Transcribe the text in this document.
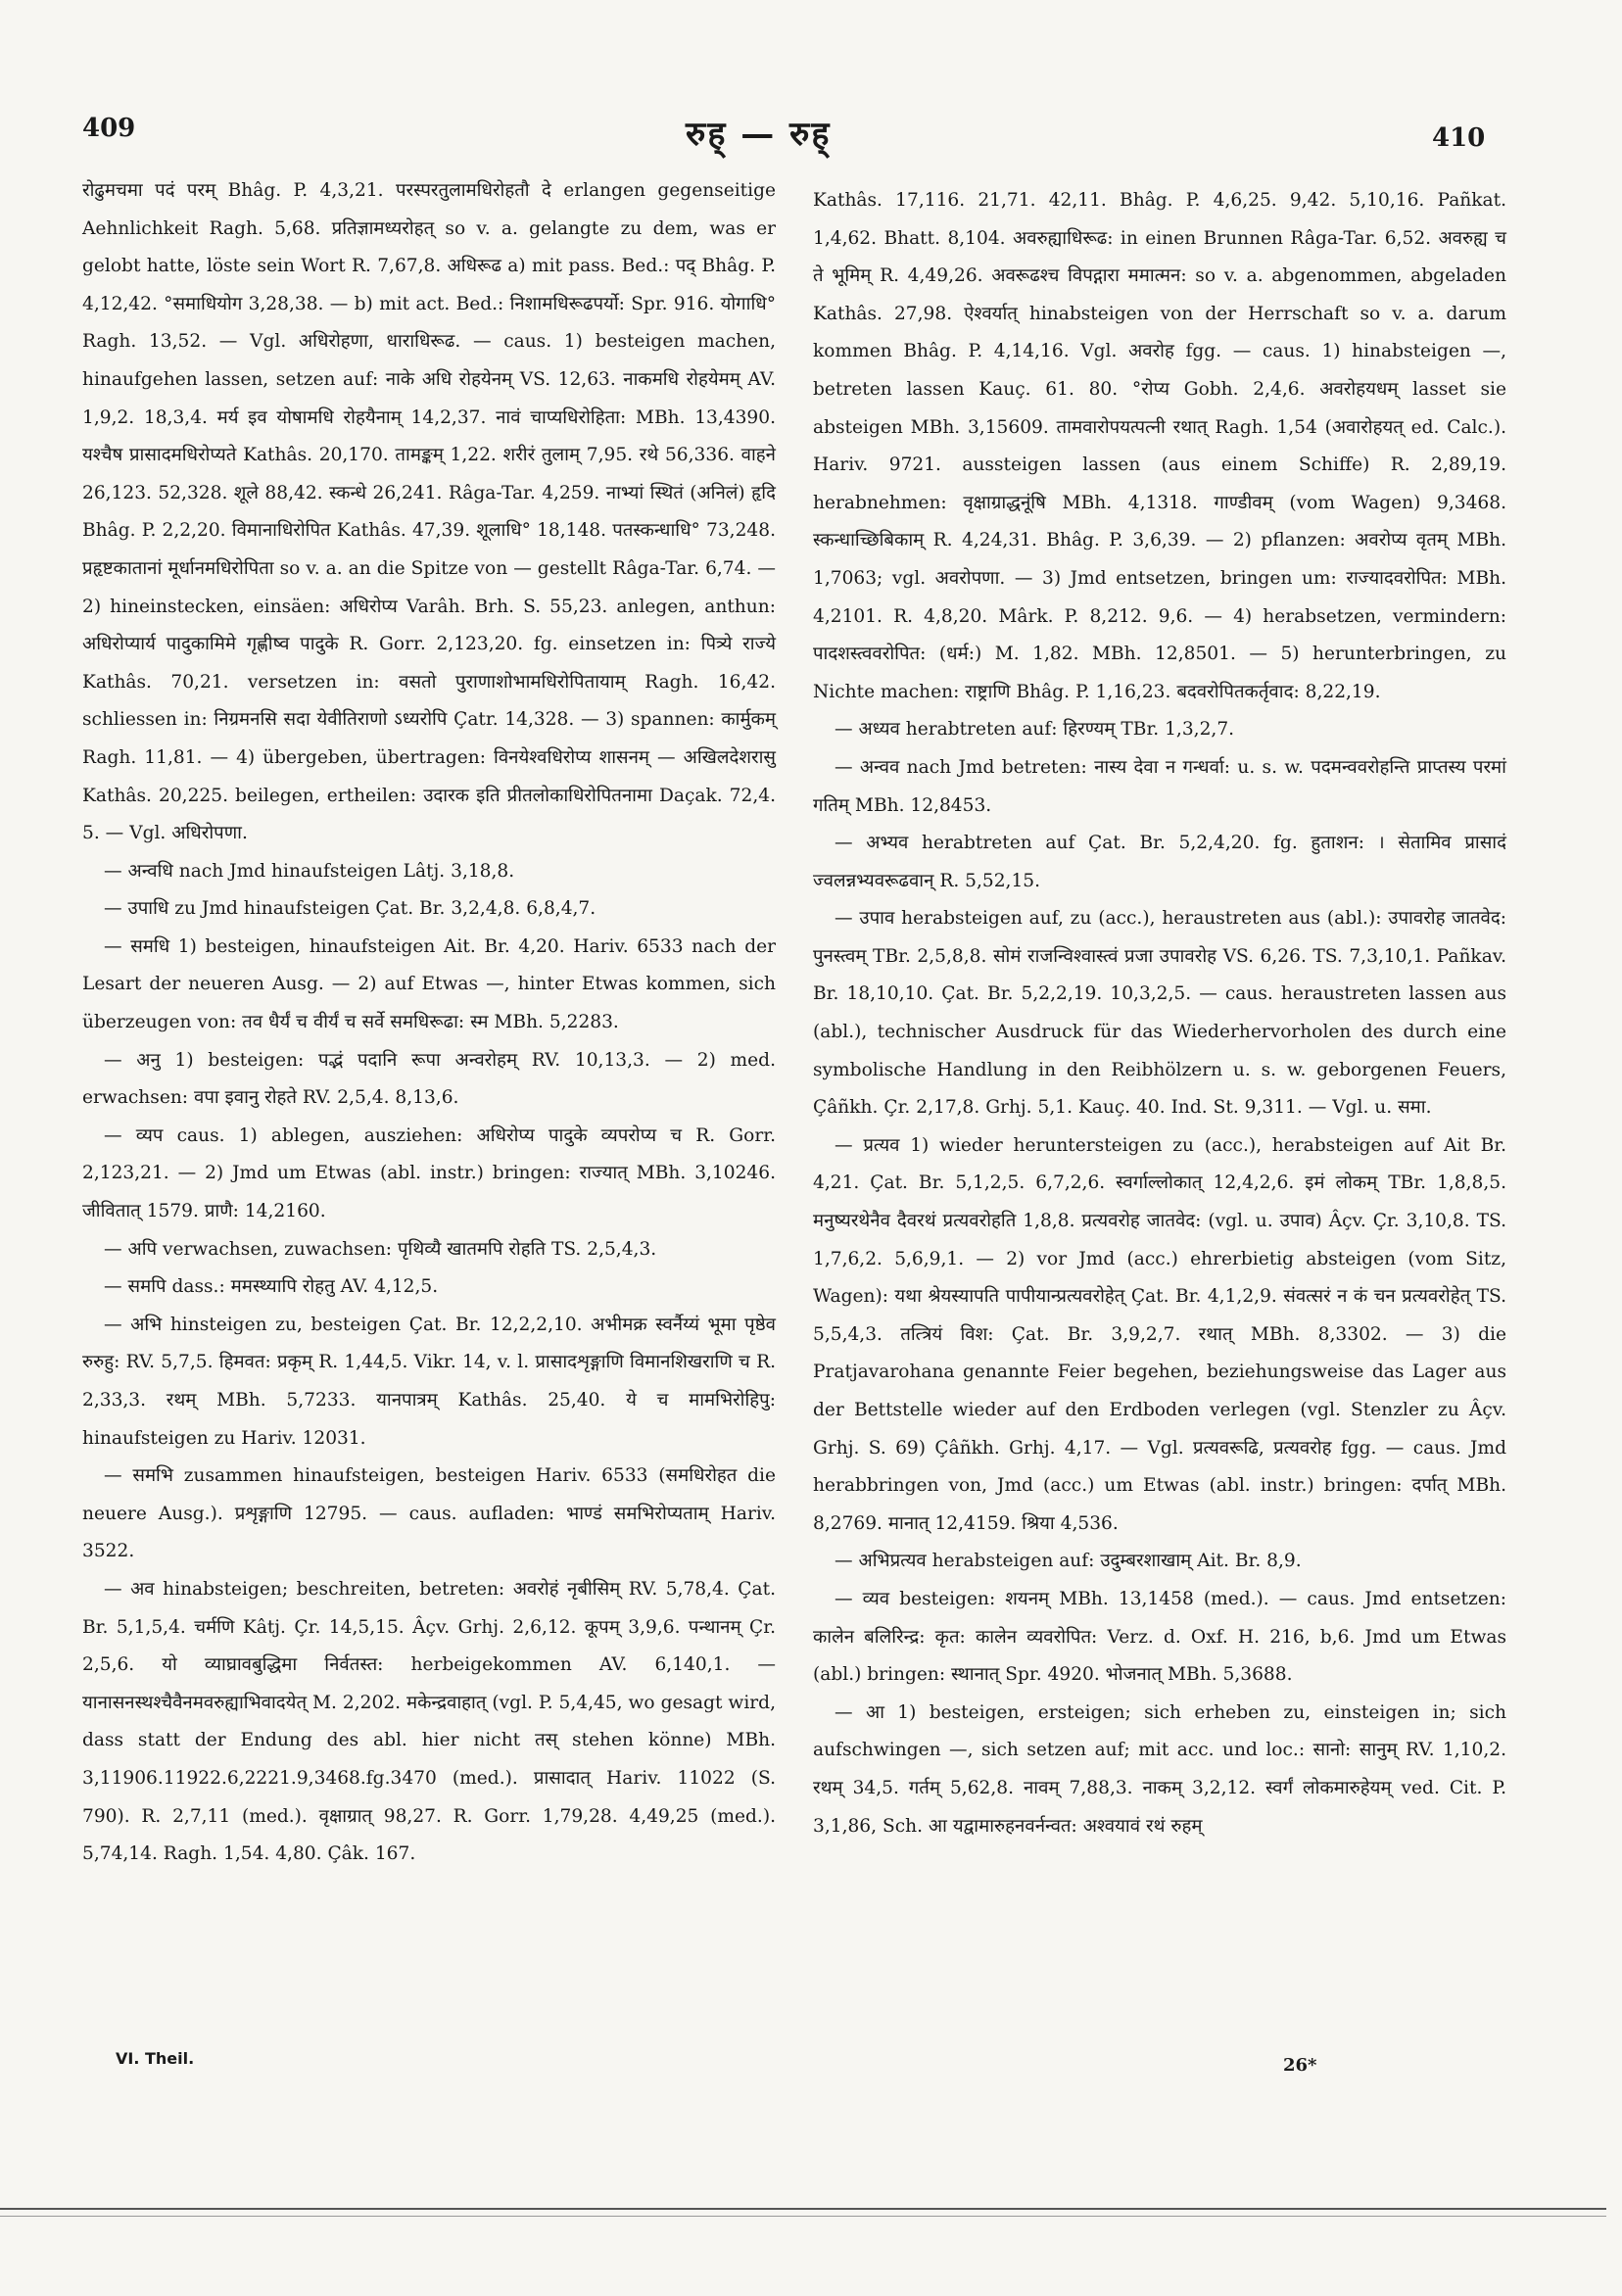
409	रुह् — रुह्	410

रोढुमचमा पदं परम् Bhâg. P. 4,3,21. परस्परतुलामधिरोहतौ दे erlangen gegenseitige Aehnlichkeit Ragh. 5,68. प्रतिज्ञामध्यरोहत् so v. a. gelangte zu dem, was er gelobt hatte, löste sein Wort R. 7,67,8. अधिरूढ a) mit pass. Bed.: पद् Bhâg. P. 4,12,42. °समाधियोग 3,28,38. — b) mit act. Bed.: निशामधिरूढपर्यो: Spr. 916. योगाधि° Ragh. 13,52. — Vgl. अधिरोहणा, धाराधिरूढ. — caus. 1) besteigen machen, hinaufgehen lassen, setzen auf: नाके अधि रोहयेनम् VS. 12,63. नाकमधि रोहयेमम् AV. 1,9,2. 18,3,4. मर्य इव योषामधि रोहयैनाम् 14,2,37. नावं चाप्यधिरोहिता: MBh. 13,4390. यश्चैष प्रासादमधिरोप्यते Kathâs. 20,170. तामङ्कम् 1,22. शरीरं तुलाम् 7,95. रथे 56,336. वाहने 26,123. 52,328. शूले 88,42. स्कन्धे 26,241. Râga-Tar. 4,259. नाभ्यां स्थितं (अनिलं) हृदि Bhâg. P. 2,2,20. विमानाधिरोपित Kathâs. 47,39. शूलाधि° 18,148. पतस्कन्धाधि° 73,248. प्रहृष्टकातानां मूर्धानमधिरोपिता so v. a. an die Spitze von — gestellt Râga-Tar. 6,74. — 2) hineinstecken, einsäen: अधिरोप्य Varâh. Brh. S. 55,23. anlegen, anthun: अधिरोप्यार्य पादुकामिमे गृह्णीष्व पादुके R. Gorr. 2,123,20. fg. einsetzen in: पित्र्ये राज्ये Kathâs. 70,21. versetzen in: वसतो पुराणाशोभामधिरोपितायाम् Ragh. 16,42. schliessen in: निग्रमनसि सदा येवीतिराणो ऽध्यरोपि Çatr. 14,328. — 3) spannen: कार्मुकम् Ragh. 11,81. — 4) übergeben, übertragen: विनयेश्वधिरोप्य शासनम् — अखिलदेशरासु Kathâs. 20,225. beilegen, ertheilen: उदारक इति प्रीतलोकाधिरोपितनामा Daçak. 72,4. 5. — Vgl. अधिरोपणा.

— अन्वधि nach Jmd hinaufsteigen Lâtj. 3,18,8.

— उपाधि zu Jmd hinaufsteigen Çat. Br. 3,2,4,8. 6,8,4,7.

— समधि 1) besteigen, hinaufsteigen Ait. Br. 4,20. Hariv. 6533 nach der Lesart der neueren Ausg. — 2) auf Etwas —, hinter Etwas kommen, sich überzeugen von: तव धैर्यं च वीर्यं च सर्वे समधिरूढा: स्म MBh. 5,2283.

— अनु 1) besteigen: पद्भं पदानि रूपा अन्वरोहम् RV. 10,13,3. — 2) med. erwachsen: वपा इवानु रोहते RV. 2,5,4. 8,13,6.

— व्यप caus. 1) ablegen, ausziehen: अधिरोप्य पादुके व्यपरोप्य च R. Gorr. 2,123,21. — 2) Jmd um Etwas (abl. instr.) bringen: राज्यात् MBh. 3,10246. जीवितात् 1579. प्राणै: 14,2160.

— अपि verwachsen, zuwachsen: पृथिव्यै खातमपि रोहति TS. 2,5,4,3.

— समपि dass.: ममस्थ्यापि रोहतु AV. 4,12,5.

— अभि hinsteigen zu, besteigen Çat. Br. 12,2,2,10. अभीमक्र स्वर्नैय्यं भूमा पृष्ठेव रुरुहु: RV. 5,7,5. हिमवत: प्रकृम् R. 1,44,5. Vikr. 14, v. l. प्रासादशृङ्गाणि विमानशिखराणि च R. 2,33,3. रथम् MBh. 5,7233. यानपात्रम् Kathâs. 25,40. ये च मामभिरोहिपु: hinaufsteigen zu Hariv. 12031.

— समभि zusammen hinaufsteigen, besteigen Hariv. 6533 (समधिरोहत die neuere Ausg.). प्रशृङ्गाणि 12795. — caus. aufladen: भाण्डं समभिरोप्यताम् Hariv. 3522.

— अव hinabsteigen; beschreiten, betreten: अवरोहं नृबीसिम् RV. 5,78,4. Çat. Br. 5,1,5,4. चर्मणि Kâtj. Çr. 14,5,15. Âçv. Grhj. 2,6,12. कूपम् 3,9,6. पन्थानम् Çr. 2,5,6. यो व्याघ्रावबुद्धिमा निर्वतस्त: herbeigekommen AV. 6,140,1. — यानासनस्थश्चैवैनमवरुह्याभिवादयेत् M. 2,202. मकेन्द्रवाहात् (vgl. P. 5,4,45, wo gesagt wird, dass statt der Endung des abl. hier nicht तस् stehen könne) MBh. 3,11906.11922.6,2221.9,3468.fg.3470 (med.). प्रासादात् Hariv. 11022 (S. 790). R. 2,7,11 (med.). वृक्षाग्रात् 98,27. R. Gorr. 1,79,28. 4,49,25 (med.). 5,74,14. Ragh. 1,54. 4,80. Çâk. 167.

Kathâs. 17,116. 21,71. 42,11. Bhâg. P. 4,6,25. 9,42. 5,10,16. Pañkat. 1,4,62. Bhatt. 8,104. अवरुह्याधिरूढ: in einen Brunnen Râga-Tar. 6,52. अवरुह्य च ते भूमिम् R. 4,49,26. अवरूढश्च विपद्गारा ममात्मन: so v. a. abgenommen, abgeladen Kathâs. 27,98. ऐश्वर्यात् hinabsteigen von der Herrschaft so v. a. darum kommen Bhâg. P. 4,14,16. Vgl. अवरोह fgg. — caus. 1) hinabsteigen —, betreten lassen Kauç. 61. 80. °रोप्य Gobh. 2,4,6. अवरोहयधम् lasset sie absteigen MBh. 3,15609. तामवारोपयत्पत्नी रथात् Ragh. 1,54 (अवारोहयत् ed. Calc.). Hariv. 9721. aussteigen lassen (aus einem Schiffe) R. 2,89,19. herabnehmen: वृक्षाग्राद्धनूंषि MBh. 4,1318. गाण्डीवम् (vom Wagen) 9,3468. स्कन्धाच्छिबिकाम् R. 4,24,31. Bhâg. P. 3,6,39. — 2) pflanzen: अवरोप्य वृतम् MBh. 1,7063; vgl. अवरोपणा. — 3) Jmd entsetzen, bringen um: राज्यादवरोपित: MBh. 4,2101. R. 4,8,20. Mârk. P. 8,212. 9,6. — 4) herabsetzen, vermindern: पादशस्त्ववरोपित: (धर्म:) M. 1,82. MBh. 12,8501. — 5) herunterbringen, zu Nichte machen: राष्ट्राणि Bhâg. P. 1,16,23. बदवरोपितकर्तृवाद: 8,22,19.

— अध्यव herabtreten auf: हिरण्यम् TBr. 1,3,2,7.

— अन्वव nach Jmd betreten: नास्य देवा न गन्धर्वा: u. s. w. पदमन्ववरोहन्ति प्राप्तस्य परमां गतिम् MBh. 12,8453.

— अभ्यव herabtreten auf Çat. Br. 5,2,4,20. fg. हुताशन: । सेतामिव प्रासादं ज्वलन्नभ्यवरूढवान् R. 5,52,15.

— उपाव herabsteigen auf, zu (acc.), heraustreten aus (abl.): उपावरोह जातवेद: पुनस्त्वम् TBr. 2,5,8,8. सोमं राजन्विश्वास्त्वं प्रजा उपावरोह VS. 6,26. TS. 7,3,10,1. Pañkav. Br. 18,10,10. Çat. Br. 5,2,2,19. 10,3,2,5. — caus. heraustreten lassen aus (abl.), technischer Ausdruck für das Wiederhervorholen des durch eine symbolische Handlung in den Reibhölzern u. s. w. geborgenen Feuers, Çâñkh. Çr. 2,17,8. Grhj. 5,1. Kauç. 40. Ind. St. 9,311. — Vgl. u. समा.

— प्रत्यव 1) wieder heruntersteigen zu (acc.), herabsteigen auf Ait Br. 4,21. Çat. Br. 5,1,2,5. 6,7,2,6. स्वर्गाल्लोकात् 12,4,2,6. इमं लोकम् TBr. 1,8,8,5. मनुष्यरथेनैव दैवरथं प्रत्यवरोहति 1,8,8. प्रत्यवरोह जातवेद: (vgl. u. उपाव) Âçv. Çr. 3,10,8. TS. 1,7,6,2. 5,6,9,1. — 2) vor Jmd (acc.) ehrerbietig absteigen (vom Sitz, Wagen): यथा श्रेयस्यापति पापीयान्प्रत्यवरोहेत् Çat. Br. 4,1,2,9. संवत्सरं न कं चन प्रत्यवरोहेत् TS. 5,5,4,3. तत्त्रियं विश: Çat. Br. 3,9,2,7. रथात् MBh. 8,3302. — 3) die Pratjavarohana genannte Feier begehen, beziehungsweise das Lager aus der Bettstelle wieder auf den Erdboden verlegen (vgl. Stenzler zu Âçv. Grhj. S. 69) Çâñkh. Grhj. 4,17. — Vgl. प्रत्यवरूढि, प्रत्यवरोह fgg. — caus. Jmd herabbringen von, Jmd (acc.) um Etwas (abl. instr.) bringen: दर्पात् MBh. 8,2769. मानात् 12,4159. श्रिया 4,536.

— अभिप्रत्यव herabsteigen auf: उदुम्बरशाखाम् Ait. Br. 8,9.

— व्यव besteigen: शयनम् MBh. 13,1458 (med.). — caus. Jmd entsetzen: कालेन बलिरिन्द्र: कृत: कालेन व्यवरोपित: Verz. d. Oxf. H. 216, b,6. Jmd um Etwas (abl.) bringen: स्थानात् Spr. 4920. भोजनात् MBh. 5,3688.

— आ 1) besteigen, ersteigen; sich erheben zu, einsteigen in; sich aufschwingen —, sich setzen auf; mit acc. und loc.: सानो: सानुम् RV. 1,10,2. रथम् 34,5. गर्तम् 5,62,8. नावम् 7,88,3. नाकम् 3,2,12. स्वर्गं लोकमारुहेयम् ved. Cit. P. 3,1,86, Sch. आ यद्वामारुहनवर्नन्वत: अश्वयावं रथं रुहम्

VI. Theil.	26*
